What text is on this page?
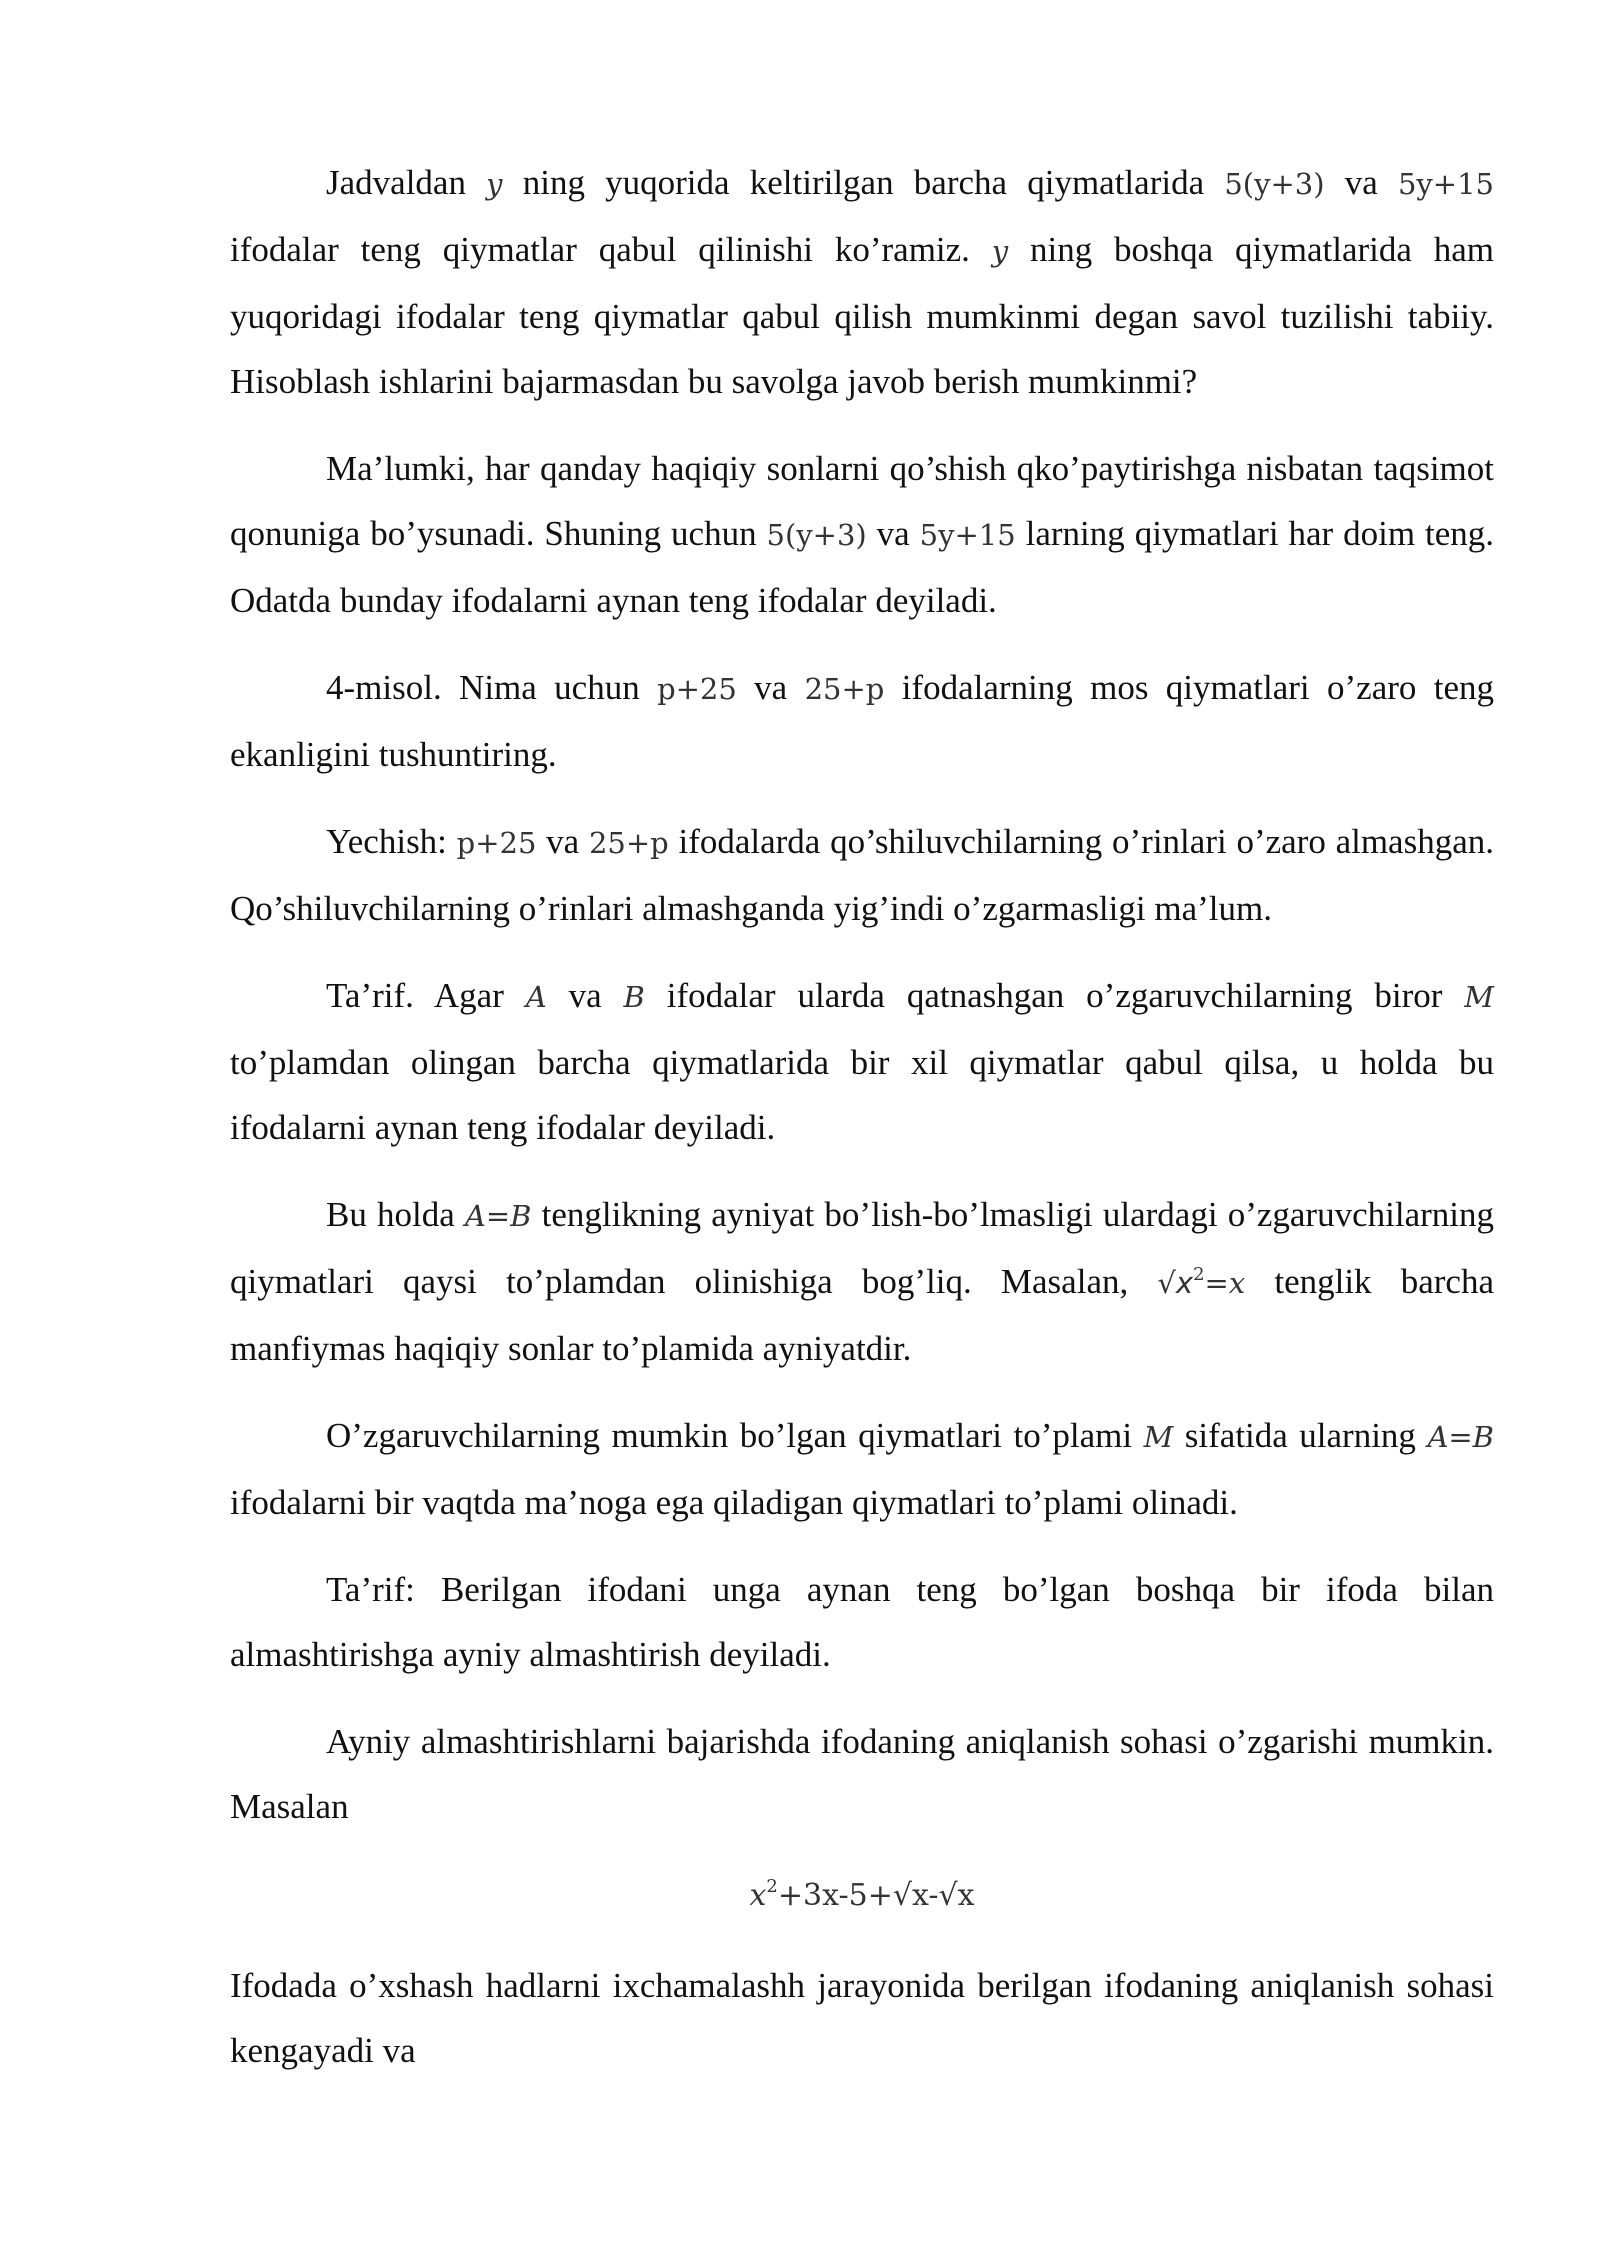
Jadvaldan y ning yuqorida keltirilgan barcha qiymatlarida 5(y+3) va 5y+15 ifodalar teng qiymatlar qabul qilinishi ko’ramiz. y ning boshqa qiymatlarida ham yuqoridagi ifodalar teng qiymatlar qabul qilish mumkinmi degan savol tuzilishi tabiiy. Hisoblash ishlarini bajarmasdan bu savolga javob berish mumkinmi?

Ma’lumki, har qanday haqiqiy sonlarni qo’shish qko’paytirishga nisbatan taqsimot qonuniga bo’ysunadi. Shuning uchun 5(y+3) va 5y+15 larning qiymatlari har doim teng. Odatda bunday ifodalarni aynan teng ifodalar deyiladi.

4-misol. Nima uchun p+25 va 25+p ifodalarning mos qiymatlari o’zaro teng ekanligini tushuntiring.

Yechish: p+25 va 25+p ifodalarda qo’shiluvchilarning o’rinlari o’zaro almashgan. Qo’shiluvchilarning o’rinlari almashganda yig’indi o’zgarmasligi ma’lum.

Ta’rif. Agar A va B ifodalar ularda qatnashgan o’zgaruvchilarning biror M to’plamdan olingan barcha qiymatlarida bir xil qiymatlar qabul qilsa, u holda bu ifodalarni aynan teng ifodalar deyiladi.

Bu holda A=B tenglikning ayniyat bo’lish-bo’lmasligi ulardagi o’zgaruvchilarning qiymatlari qaysi to’plamdan olinishiga bog’liq. Masalan, $√x^2=x$ tenglik barcha manfiymas haqiqiy sonlar to’plamida ayniyatdir.

O’zgaruvchilarning mumkin bo’lgan qiymatlari to’plami M sifatida ularning A=B ifodalarni bir vaqtda ma’noga ega qiladigan qiymatlari to’plami olinadi.

Ta’rif: Berilgan ifodani unga aynan teng bo’lgan boshqa bir ifoda bilan almashtirishga ayniy almashtirish deyiladi.

Ayniy almashtirishlarni bajarishda ifodaning aniqlanish sohasi o’zgarishi mumkin. Masalan

$x^2+3x-5+√x-√x$

Ifodada o’xshash hadlarni ixchamalashh jarayonida berilgan ifodaning aniqlanish sohasi kengayadi va
